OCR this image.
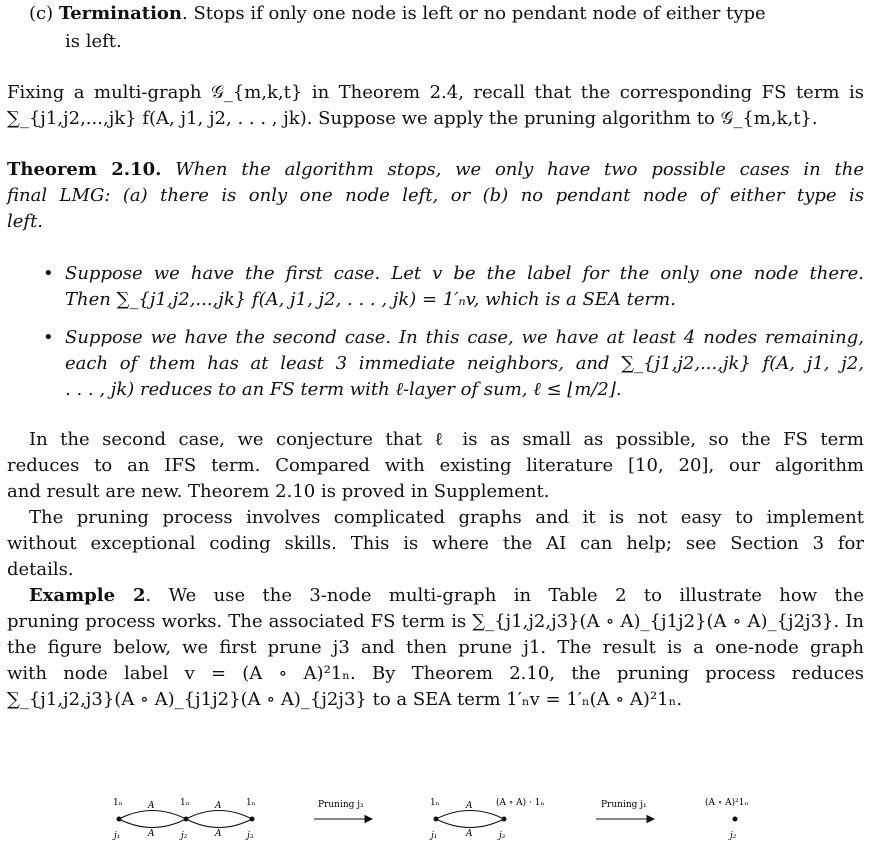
(c) Termination. Stops if only one node is left or no pendant node of either type
is left.
Fixing a multi-graph 𝒢_{m,k,t} in Theorem 2.4, recall that the corresponding FS term is
∑_{j1,j2,...,jk} f(A, j1, j2, . . . , jk). Suppose we apply the pruning algorithm to 𝒢_{m,k,t}.
Theorem 2.10. When the algorithm stops, we only have two possible cases in the
final LMG: (a) there is only one node left, or (b) no pendant node of either type is
left.
• Suppose we have the first case. Let v be the label for the only one node there.
Then ∑_{j1,j2,...,jk} f(A, j1, j2, . . . , jk) = 1′ₙv, which is a SEA term.
• Suppose we have the second case. In this case, we have at least 4 nodes remaining,
each of them has at least 3 immediate neighbors, and ∑_{j1,j2,...,jk} f(A, j1, j2,
. . . , jk) reduces to an FS term with ℓ-layer of sum, ℓ ≤ ⌊m/2⌋.
In the second case, we conjecture that ℓ is as small as possible, so the FS term
reduces to an IFS term. Compared with existing literature [10, 20], our algorithm
and result are new. Theorem 2.10 is proved in Supplement.
The pruning process involves complicated graphs and it is not easy to implement
without exceptional coding skills. This is where the AI can help; see Section 3 for
details.
Example 2. We use the 3-node multi-graph in Table 2 to illustrate how the
pruning process works. The associated FS term is ∑_{j1,j2,j3}(A ∘ A)_{j1j2}(A ∘ A)_{j2j3}. In
the figure below, we first prune j3 and then prune j1. The result is a one-node graph
with node label v = (A ∘ A)²1ₙ. By Theorem 2.10, the pruning process reduces
∑_{j1,j2,j3}(A ∘ A)_{j1j2}(A ∘ A)_{j2j3} to a SEA term 1′ₙv = 1′ₙ(A ∘ A)²1ₙ.
1ₙ	1ₙ	1ₙ
A	A
A	A
j₁	j₂	j₃
Pruning j₃	1ₙ	(A ∘ A) · 1ₙ
A
A
j₁	j₂
Pruning j₁	(A ∘ A)²1ₙ
j₂
